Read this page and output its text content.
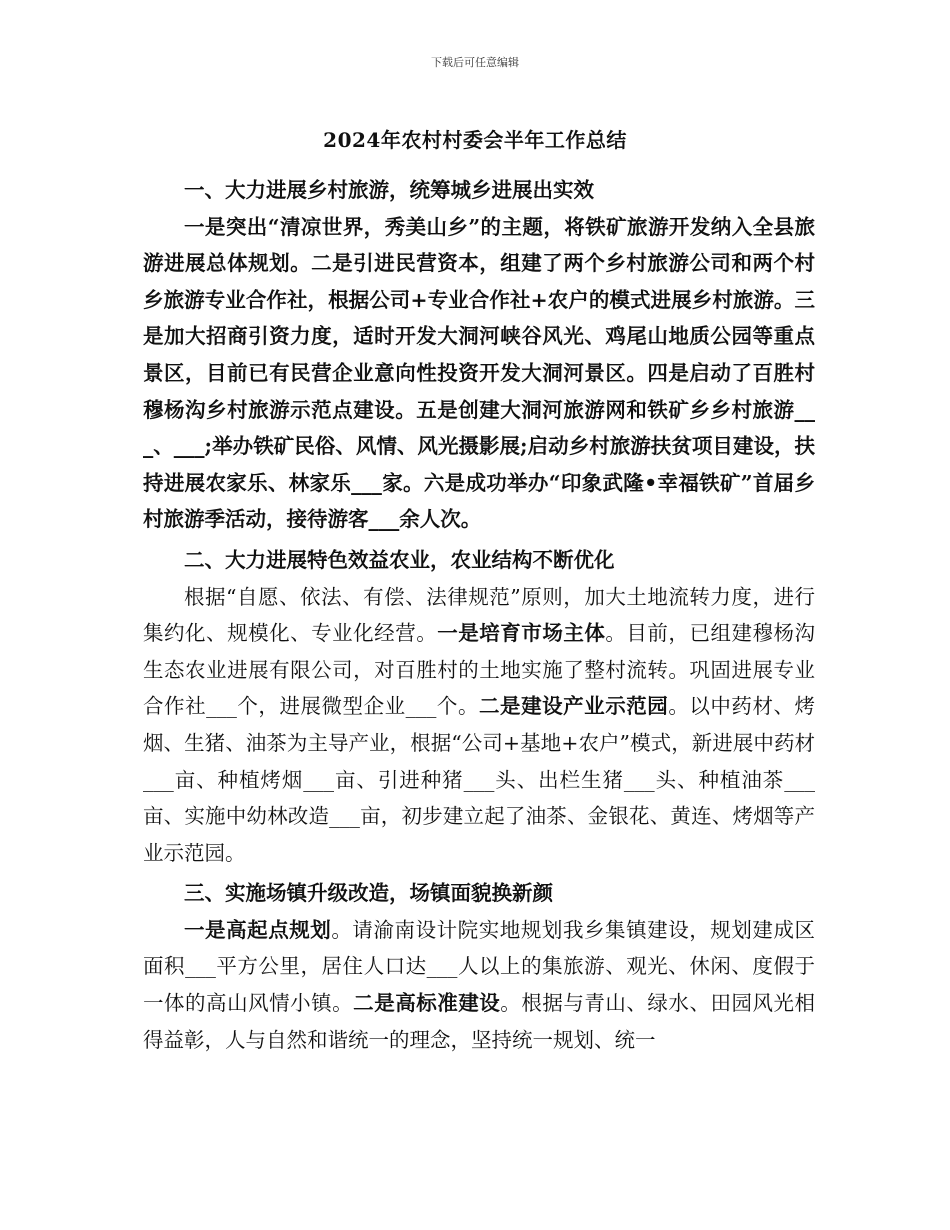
下载后可任意编辑
2024年农村村委会半年工作总结

一、大力进展乡村旅游，统筹城乡进展出实效

一是突出“清凉世界，秀美山乡”的主题，将铁矿旅游开发纳入全县旅游进展总体规划。二是引进民营资本，组建了两个乡村旅游公司和两个村乡旅游专业合作社，根据公司+专业合作社+农户的模式进展乡村旅游。三是加大招商引资力度，适时开发大洞河峡谷风光、鸡尾山地质公园等重点景区，目前已有民营企业意向性投资开发大洞河景区。四是启动了百胜村穆杨沟乡村旅游示范点建设。五是创建大洞河旅游网和铁矿乡乡村旅游___、___;举办铁矿民俗、风情、风光摄影展;启动乡村旅游扶贫项目建设，扶持进展农家乐、林家乐___家。六是成功举办“印象武隆•幸福铁矿”首届乡村旅游季活动，接待游客___余人次。

二、大力进展特色效益农业，农业结构不断优化

根据“自愿、依法、有偿、法律规范”原则，加大土地流转力度，进行集约化、规模化、专业化经营。一是培育市场主体。目前，已组建穆杨沟生态农业进展有限公司，对百胜村的土地实施了整村流转。巩固进展专业合作社___个，进展微型企业___个。二是建设产业示范园。以中药材、烤烟、生猪、油茶为主导产业，根据“公司+基地+农户”模式，新进展中药材___亩、种植烤烟___亩、引进种猪___头、出栏生猪___头、种植油茶___亩、实施中幼林改造___亩，初步建立起了油茶、金银花、黄连、烤烟等产业示范园。

三、实施场镇升级改造，场镇面貌换新颜

一是高起点规划。请渝南设计院实地规划我乡集镇建设，规划建成区面积___平方公里，居住人口达___人以上的集旅游、观光、休闲、度假于一体的高山风情小镇。二是高标准建设。根据与青山、绿水、田园风光相得益彰，人与自然和谐统一的理念，坚持统一规划、统一
